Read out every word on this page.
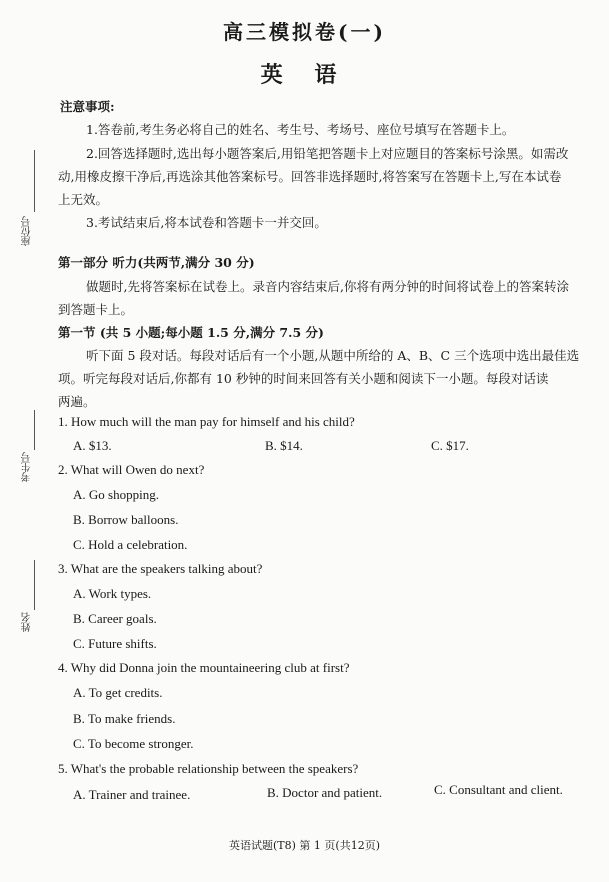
高三模拟卷(一)
英 语
座位号
考生号
姓名
注意事项:
1.答卷前,考生务必将自己的姓名、考生号、考场号、座位号填写在答题卡上。
2.回答选择题时,选出每小题答案后,用铅笔把答题卡上对应题目的答案标号涂黑。如需改
动,用橡皮擦干净后,再选涂其他答案标号。回答非选择题时,将答案写在答题卡上,写在本试卷
上无效。
3.考试结束后,将本试卷和答题卡一并交回。
第一部分 听力(共两节,满分 30 分)
做题时,先将答案标在试卷上。录音内容结束后,你将有两分钟的时间将试卷上的答案转涂
到答题卡上。
第一节 (共 5 小题;每小题 1.5 分,满分 7.5 分)
听下面 5 段对话。每段对话后有一个小题,从题中所给的 A、B、C 三个选项中选出最佳选
项。听完每段对话后,你都有 10 秒钟的时间来回答有关小题和阅读下一小题。每段对话读
两遍。
1. How much will the man pay for himself and his child?
A. $13.	B. $14.	C. $17.
2. What will Owen do next?
A. Go shopping.
B. Borrow balloons.
C. Hold a celebration.
3. What are the speakers talking about?
A. Work types.
B. Career goals.
C. Future shifts.
4. Why did Donna join the mountaineering club at first?
A. To get credits.
B. To make friends.
C. To become stronger.
5. What's the probable relationship between the speakers?
A. Trainer and trainee.	B. Doctor and patient.	C. Consultant and client.
英语试题(T8) 第 1 页(共12页)
